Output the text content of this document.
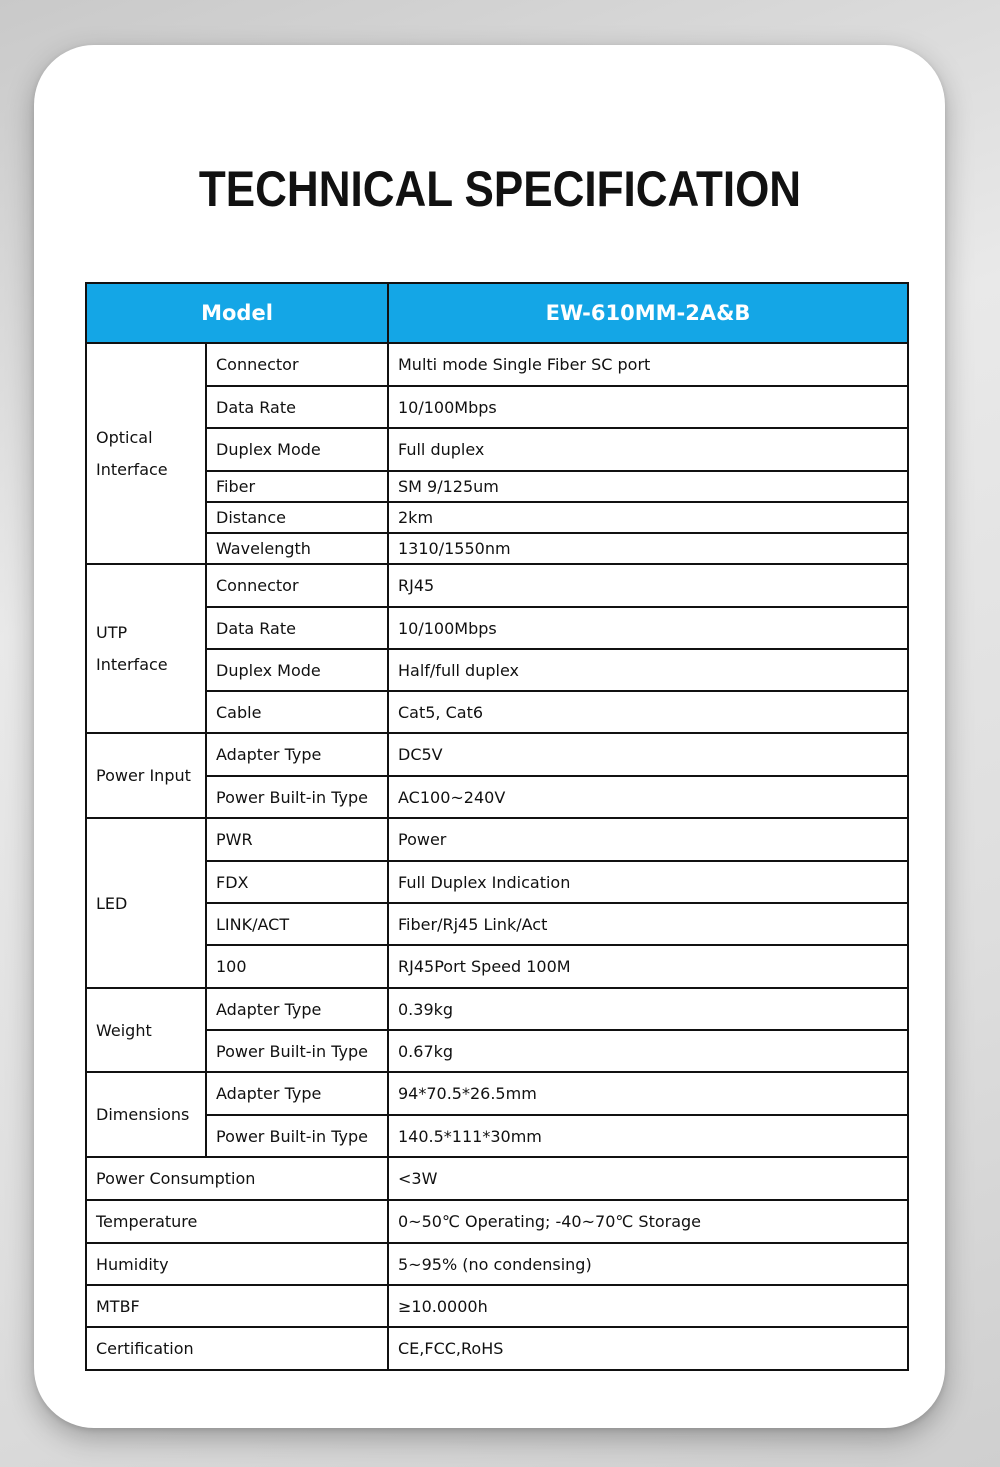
TECHNICAL SPECIFICATION
Model		EW-610MM-2A&B

Optical
Interface	Connector	Multi mode Single Fiber SC port
	Data Rate	10/100Mbps
	Duplex Mode	Full duplex
	Fiber	SM 9/125um
	Distance	2km
	Wavelength	1310/1550nm

UTP
Interface	Connector	RJ45
	Data Rate	10/100Mbps
	Duplex Mode	Half/full duplex
	Cable	Cat5, Cat6
Power Input	Adapter Type	DC5V
	Power Built-in Type	AC100~240V
LED	PWR	Power
	FDX	Full Duplex Indication
	LINK/ACT	Fiber/Rj45 Link/Act
	100	RJ45Port Speed 100M
Weight	Adapter Type	0.39kg
	Power Built-in Type	0.67kg
Dimensions	Adapter Type	94*70.5*26.5mm
	Power Built-in Type	140.5*111*30mm
Power Consumption		<3W
Temperature		0~50℃ Operating; -40~70℃ Storage
Humidity		5~95% (no condensing)
MTBF		≥10.0000h
Certification		CE,FCC,RoHS
